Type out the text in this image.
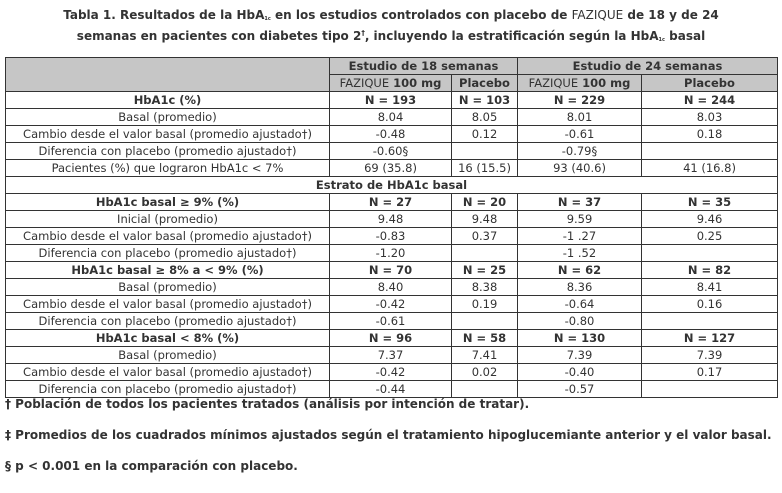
Tabla 1. Resultados de la HbA$_{1c}$ en los estudios controlados con placebo de FAZIQUE de 18 y de 24
semanas en pacientes con diabetes tipo 2†, incluyendo la estratificación según la HbA$_{1c}$ basal
	Estudio de 18 semanas		Estudio de 24 semanas	
	FAZIQUE 100 mg	Placebo	FAZIQUE 100 mg	Placebo
HbA1c (%)	N = 193	N = 103	N = 229	N = 244
Basal (promedio)	8.04	8.05	8.01	8.03
Cambio desde el valor basal (promedio ajustado†)	-0.48	0.12	-0.61	0.18
Diferencia con placebo (promedio ajustado†)	-0.60§		-0.79§	
Pacientes (%) que lograron HbA1c < 7%	69 (35.8)	16 (15.5)	93 (40.6)	41 (16.8)
Estrato de HbA1c basal				
HbA1c basal ≥ 9% (%)	N = 27	N = 20	N = 37	N = 35
Inicial (promedio)	9.48	9.48	9.59	9.46
Cambio desde el valor basal (promedio ajustado†)	-0.83	0.37	-1 .27	0.25
Diferencia con placebo (promedio ajustado†)	-1.20		-1 .52	
HbA1c basal ≥ 8% a < 9% (%)	N = 70	N = 25	N = 62	N = 82
Basal (promedio)	8.40	8.38	8.36	8.41
Cambio desde el valor basal (promedio ajustado†)	-0.42	0.19	-0.64	0.16
Diferencia con placebo (promedio ajustado†)	-0.61		-0.80	
HbA1c basal < 8% (%)	N = 96	N = 58	N = 130	N = 127
Basal (promedio)	7.37	7.41	7.39	7.39
Cambio desde el valor basal (promedio ajustado†)	-0.42	0.02	-0.40	0.17
Diferencia con placebo (promedio ajustado†)	-0.44		-0.57	

† Población de todos los pacientes tratados (análisis por intención de tratar).

‡ Promedios de los cuadrados mínimos ajustados según el tratamiento hipoglucemiante anterior y el valor basal.

§ p < 0.001 en la comparación con placebo.
